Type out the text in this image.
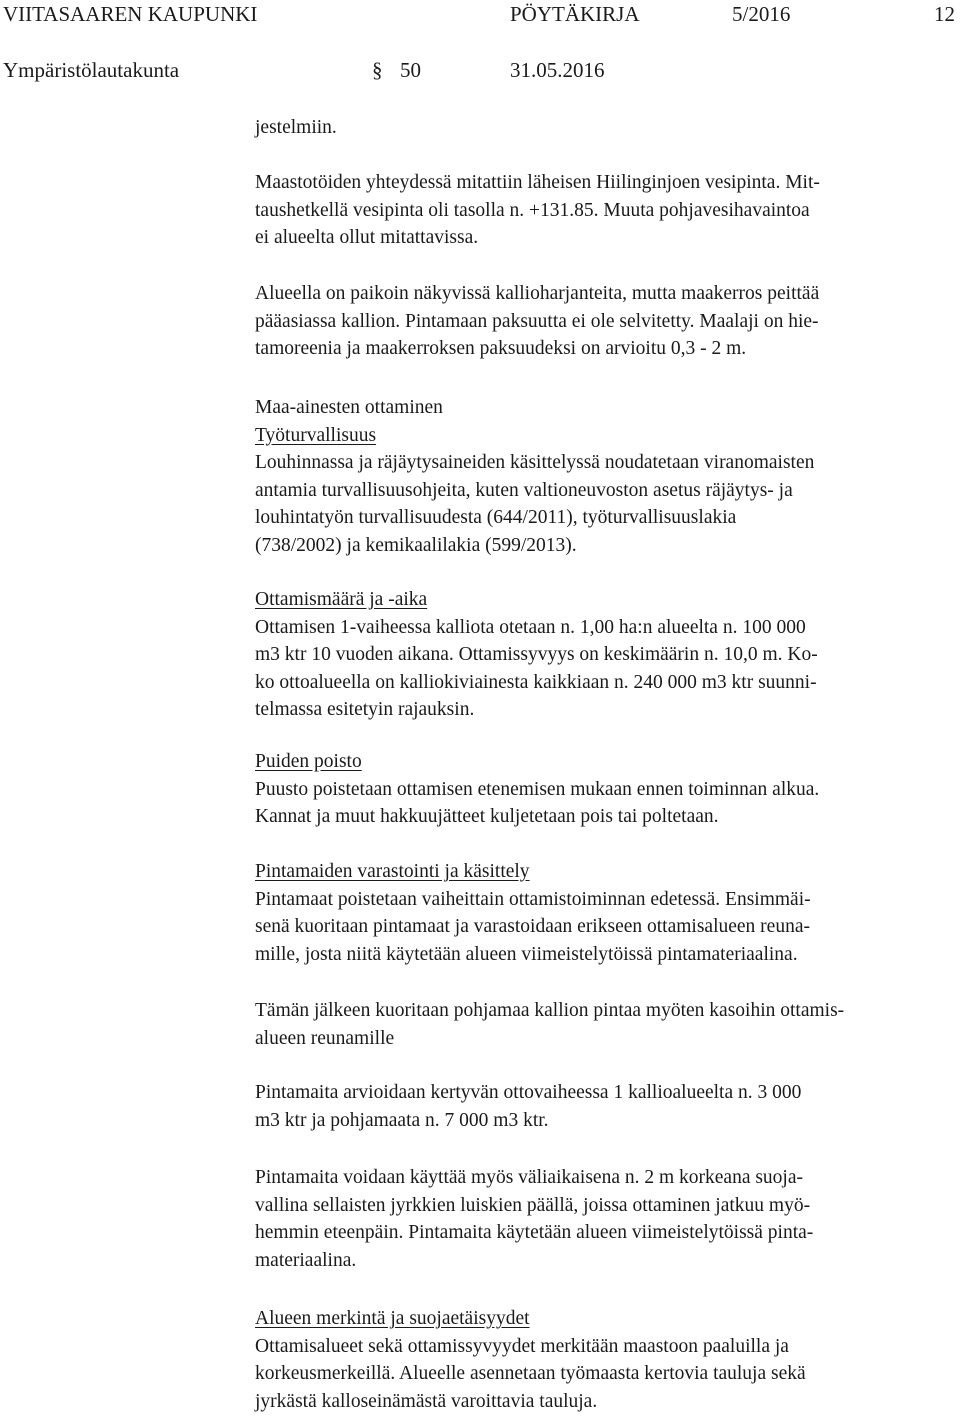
VIITASAAREN KAUPUNKI	PÖYTÄKIRJA	5/2016	12
Ympäristölautakunta	§ 50	31.05.2016
jestelmiin.
Maastotöiden yhteydessä mitattiin läheisen Hiilinginjoen vesipinta. Mit-
taushetkellä vesipinta oli tasolla n. +131.85. Muuta pohjavesihavaintoa
ei alueelta ollut mitattavissa.
Alueella on paikoin näkyvissä kallioharjanteita, mutta maakerros peittää
pääasiassa kallion. Pintamaan paksuutta ei ole selvitetty. Maalaji on hie-
tamoreenia ja maakerroksen paksuudeksi on arvioitu 0,3 - 2 m.
Maa-ainesten ottaminen
Työturvallisuus
Louhinnassa ja räjäytysaineiden käsittelyssä noudatetaan viranomaisten
antamia turvallisuusohjeita, kuten valtioneuvoston asetus räjäytys- ja
louhintatyön turvallisuudesta (644/2011), työturvallisuuslakia
(738/2002) ja kemikaalilakia (599/2013).
Ottamismäärä ja -aika
Ottamisen 1-vaiheessa kalliota otetaan n. 1,00 ha:n alueelta n. 100 000
m3 ktr 10 vuoden aikana. Ottamissyvyys on keskimäärin n. 10,0 m. Ko-
ko ottoalueella on kalliokiviainesta kaikkiaan n. 240 000 m3 ktr suunni-
telmassa esitetyin rajauksin.
Puiden poisto
Puusto poistetaan ottamisen etenemisen mukaan ennen toiminnan alkua.
Kannat ja muut hakkuujätteet kuljetetaan pois tai poltetaan.
Pintamaiden varastointi ja käsittely
Pintamaat poistetaan vaiheittain ottamistoiminnan edetessä. Ensimmäi-
senä kuoritaan pintamaat ja varastoidaan erikseen ottamisalueen reuna-
mille, josta niitä käytetään alueen viimeistelytöissä pintamateriaalina.
Tämän jälkeen kuoritaan pohjamaa kallion pintaa myöten kasoihin ottamis-
alueen reunamille
Pintamaita arvioidaan kertyvän ottovaiheessa 1 kallioalueelta n. 3 000
m3 ktr ja pohjamaata n. 7 000 m3 ktr.
Pintamaita voidaan käyttää myös väliaikaisena n. 2 m korkeana suoja-
vallina sellaisten jyrkkien luiskien päällä, joissa ottaminen jatkuu myö-
hemmin eteenpäin. Pintamaita käytetään alueen viimeistelytöissä pinta-
materiaalina.
Alueen merkintä ja suojaetäisyydet
Ottamisalueet sekä ottamissyvyydet merkitään maastoon paaluilla ja
korkeusmerkeillä. Alueelle asennetaan työmaasta kertovia tauluja sekä
jyrkästä kalloseinämästä varoittavia tauluja.
